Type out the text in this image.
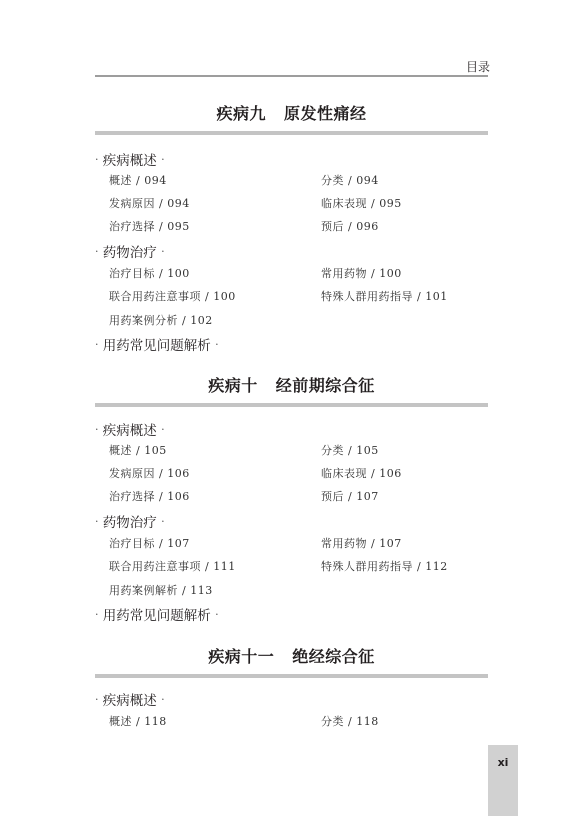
目录
疾病九 原发性痛经
· 疾病概述 ·
概述 / 094	分类 / 094
发病原因 / 094	临床表现 / 095
治疗选择 / 095	预后 / 096
· 药物治疗 ·
治疗目标 / 100	常用药物 / 100
联合用药注意事项 / 100	特殊人群用药指导 / 101
用药案例分析 / 102
· 用药常见问题解析 ·
疾病十 经前期综合征
· 疾病概述 ·
概述 / 105	分类 / 105
发病原因 / 106	临床表现 / 106
治疗选择 / 106	预后 / 107
· 药物治疗 ·
治疗目标 / 107	常用药物 / 107
联合用药注意事项 / 111	特殊人群用药指导 / 112
用药案例解析 / 113
· 用药常见问题解析 ·
疾病十一 绝经综合征
· 疾病概述 ·
概述 / 118	分类 / 118
xi
